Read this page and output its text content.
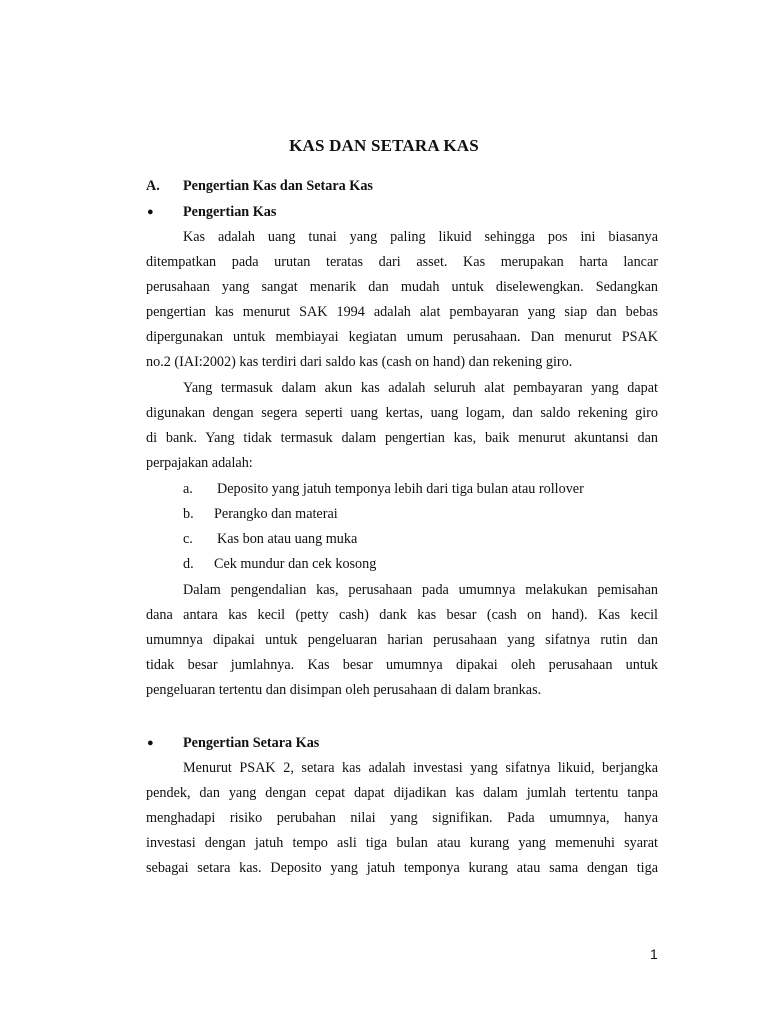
KAS DAN SETARA KAS
A. Pengertian Kas dan Setara Kas
● Pengertian Kas
Kas adalah uang tunai yang paling likuid sehingga pos ini biasanya
ditempatkan pada urutan teratas dari asset. Kas merupakan harta lancar
perusahaan yang sangat menarik dan mudah untuk diselewengkan. Sedangkan
pengertian kas menurut SAK 1994 adalah alat pembayaran yang siap dan bebas
dipergunakan untuk membiayai kegiatan umum perusahaan. Dan menurut PSAK
no.2 (IAI:2002) kas terdiri dari saldo kas (cash on hand) dan rekening giro.
Yang termasuk dalam akun kas adalah seluruh alat pembayaran yang dapat
digunakan dengan segera seperti uang kertas, uang logam, dan saldo rekening giro
di bank. Yang tidak termasuk dalam pengertian kas, baik menurut akuntansi dan
perpajakan adalah:
a. Deposito yang jatuh temponya lebih dari tiga bulan atau rollover
b. Perangko dan materai
c. Kas bon atau uang muka
d. Cek mundur dan cek kosong
Dalam pengendalian kas, perusahaan pada umumnya melakukan pemisahan
dana antara kas kecil (petty cash) dank kas besar (cash on hand). Kas kecil
umumnya dipakai untuk pengeluaran harian perusahaan yang sifatnya rutin dan
tidak besar jumlahnya. Kas besar umumnya dipakai oleh perusahaan untuk
pengeluaran tertentu dan disimpan oleh perusahaan di dalam brankas.
● Pengertian Setara Kas
Menurut PSAK 2, setara kas adalah investasi yang sifatnya likuid, berjangka
pendek, dan yang dengan cepat dapat dijadikan kas dalam jumlah tertentu tanpa
menghadapi risiko perubahan nilai yang signifikan. Pada umumnya, hanya
investasi dengan jatuh tempo asli tiga bulan atau kurang yang memenuhi syarat
sebagai setara kas. Deposito yang jatuh temponya kurang atau sama dengan tiga
1
